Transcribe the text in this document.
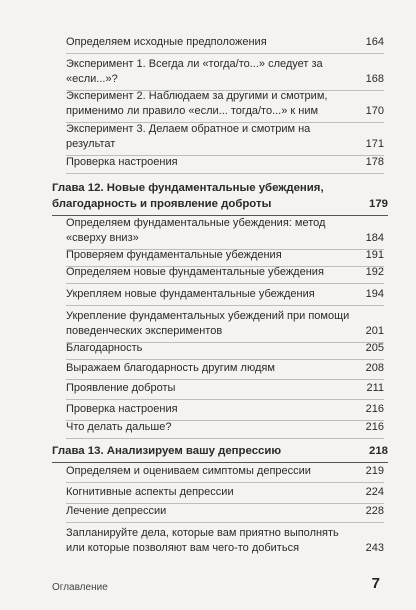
Определяем исходные предположения	164
Эксперимент 1. Всегда ли «тогда/то...» следует за «если...»?	168
Эксперимент 2. Наблюдаем за другими и смотрим, применимо ли правило «если... тогда/то...» к ним	170
Эксперимент 3. Делаем обратное и смотрим на результат	171
Проверка настроения	178
Глава 12. Новые фундаментальные убеждения, благодарность и проявление доброты	179
Определяем фундаментальные убеждения: метод «сверху вниз»	184
Проверяем фундаментальные убеждения	191
Определяем новые фундаментальные убеждения	192
Укрепляем новые фундаментальные убеждения	194
Укрепление фундаментальных убеждений при помощи поведенческих экспериментов	201
Благодарность	205
Выражаем благодарность другим людям	208
Проявление доброты	211
Проверка настроения	216
Что делать дальше?	216
Глава 13. Анализируем вашу депрессию	218
Определяем и оцениваем симптомы депрессии	219
Когнитивные аспекты депрессии	224
Лечение депрессии	228
Запланируйте дела, которые вам приятно выполнять или которые позволяют вам чего-то добиться	243
Оглавление	7
